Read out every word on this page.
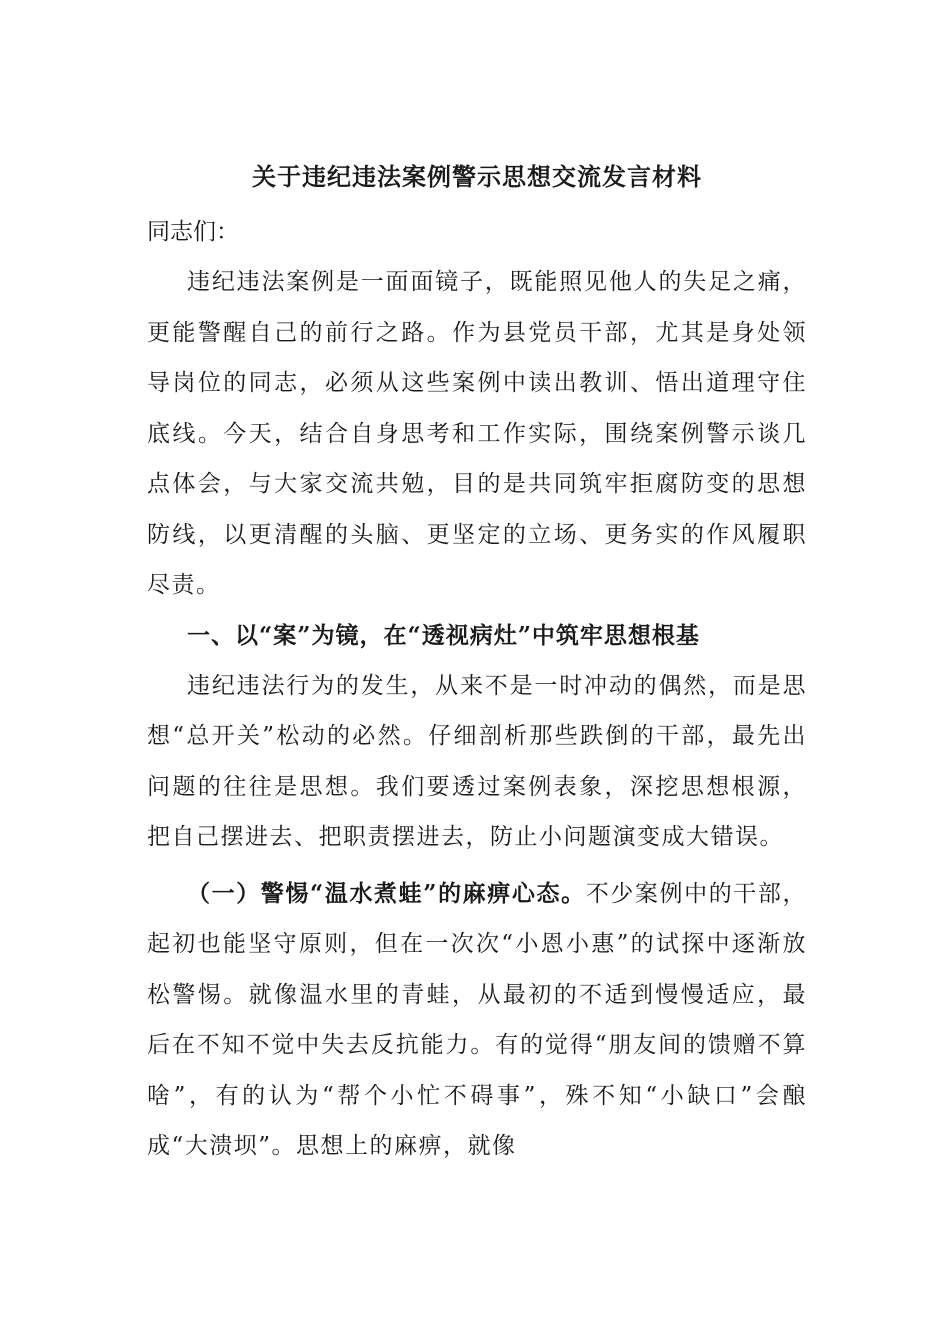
关于违纪违法案例警示思想交流发言材料

同志们：

违纪违法案例是一面面镜子，既能照见他人的失足之痛，更能警醒自己的前行之路。作为县党员干部，尤其是身处领导岗位的同志，必须从这些案例中读出教训、悟出道理守住底线。今天，结合自身思考和工作实际，围绕案例警示谈几点体会，与大家交流共勉，目的是共同筑牢拒腐防变的思想防线，以更清醒的头脑、更坚定的立场、更务实的作风履职尽责。

一、以“案”为镜，在“透视病灶”中筑牢思想根基

违纪违法行为的发生，从来不是一时冲动的偶然，而是思想“总开关”松动的必然。仔细剖析那些跌倒的干部，最先出问题的往往是思想。我们要透过案例表象，深挖思想根源，把自己摆进去、把职责摆进去，防止小问题演变成大错误。

（一）警惕“温水煮蛙”的麻痹心态。不少案例中的干部，起初也能坚守原则，但在一次次“小恩小惠”的试探中逐渐放松警惕。就像温水里的青蛙，从最初的不适到慢慢适应，最后在不知不觉中失去反抗能力。有的觉得“朋友间的馈赠不算啥”，有的认为“帮个小忙不碍事”，殊不知“小缺口”会酿成“大溃坝”。思想上的麻痹，就像
